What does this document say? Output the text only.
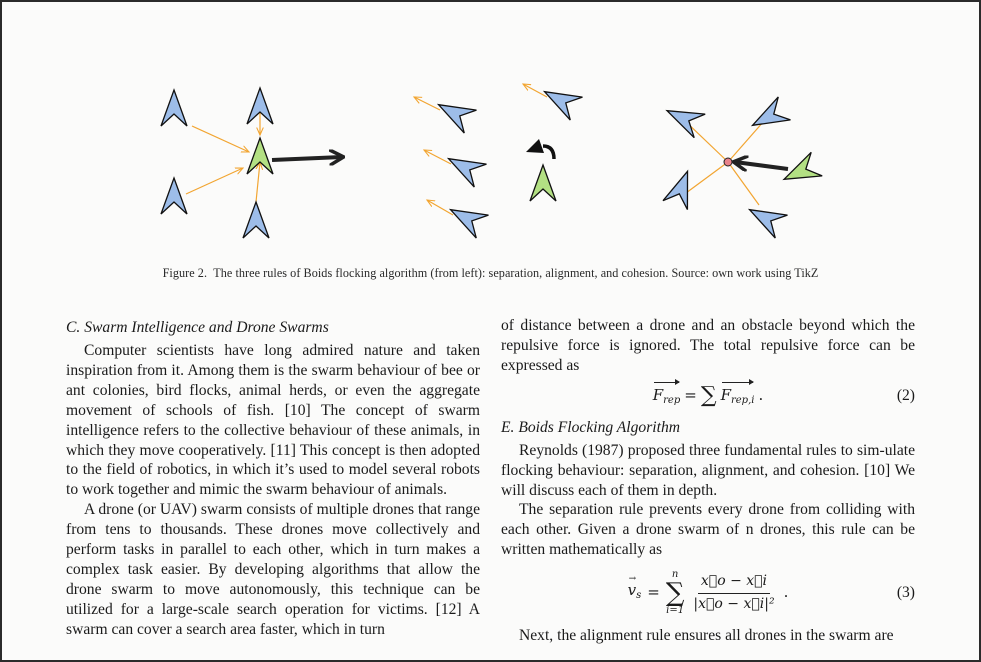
Figure 2. The three rules of Boids flocking algorithm (from left): separation, alignment, and cohesion. Source: own work using TikZ
C. Swarm Intelligence and Drone Swarms

Computer scientists have long admired nature and taken inspiration from it. Among them is the swarm behaviour of bee or ant colonies, bird flocks, animal herds, or even the aggregate movement of schools of fish. [10] The concept of swarm intelligence refers to the collective behaviour of these animals, in which they move cooperatively. [11] This concept is then adopted to the field of robotics, in which it’s used to model several robots to work together and mimic the swarm behaviour of animals.

A drone (or UAV) swarm consists of multiple drones that range from tens to thousands. These drones move collectively and perform tasks in parallel to each other, which in turn makes a complex task easier. By developing algorithms that allow the drone swarm to move autonomously, this technique can be utilized for a large-scale search operation for victims. [12] A swarm can cover a search area faster, which in turn

of distance between a drone and an obstacle beyond which the repulsive force is ignored. The total repulsive force can be expressed as

$F_{rep}$ = ∑ $F_{rep,i}$ .	(2)
E. Boids Flocking Algorithm

Reynolds (1987) proposed three fundamental rules to sim-ulate flocking behaviour: separation, alignment, and cohesion. [10] We will discuss each of them in depth.

The separation rule prevents every drone from colliding with each other. Given a drone swarm of n drones, this rule can be written mathematically as

→ $v_s$ =
n
∑
$i=1 \frac{x⃗o - x⃗i}{\text{|x⃗o − x⃗i|²}}$ .	(3)

Next, the alignment rule ensures all drones in the swarm are
